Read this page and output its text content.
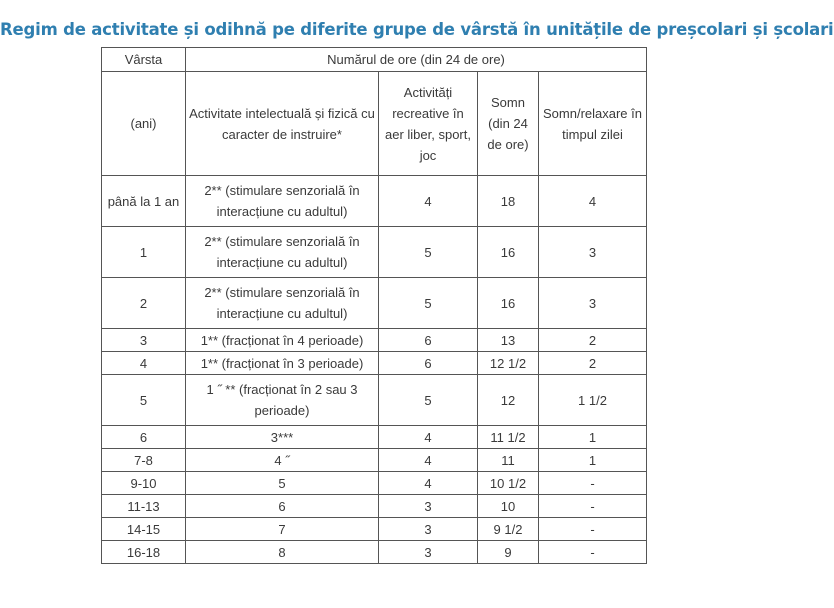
Regim de activitate și odihnă pe diferite grupe de vârstă în unitățile de preșcolari și școlari
Vârsta	Numărul de ore (din 24 de ore)			
(ani)	Activitate intelectuală și fizică cu caracter de instruire*	Activități recreative în aer liber, sport, joc	Somn (din 24 de ore)	Somn/relaxare în timpul zilei
până la 1 an	2** (stimulare senzorială în interacțiune cu adultul)	4	18	4
1	2** (stimulare senzorială în interacțiune cu adultul)	5	16	3
2	2** (stimulare senzorială în interacțiune cu adultul)	5	16	3
3	1** (fracționat în 4 perioade)	6	13	2
4	1** (fracționat în 3 perioade)	6	12 1/2	2
5	1 ˝ ** (fracționat în 2 sau 3 perioade)	5	12	1 1/2
6	3***	4	11 1/2	1
7-8	4 ˝	4	11	1
9-10	5	4	10 1/2	-
11-13	6	3	10	-
14-15	7	3	9 1/2	-
16-18	8	3	9	-
